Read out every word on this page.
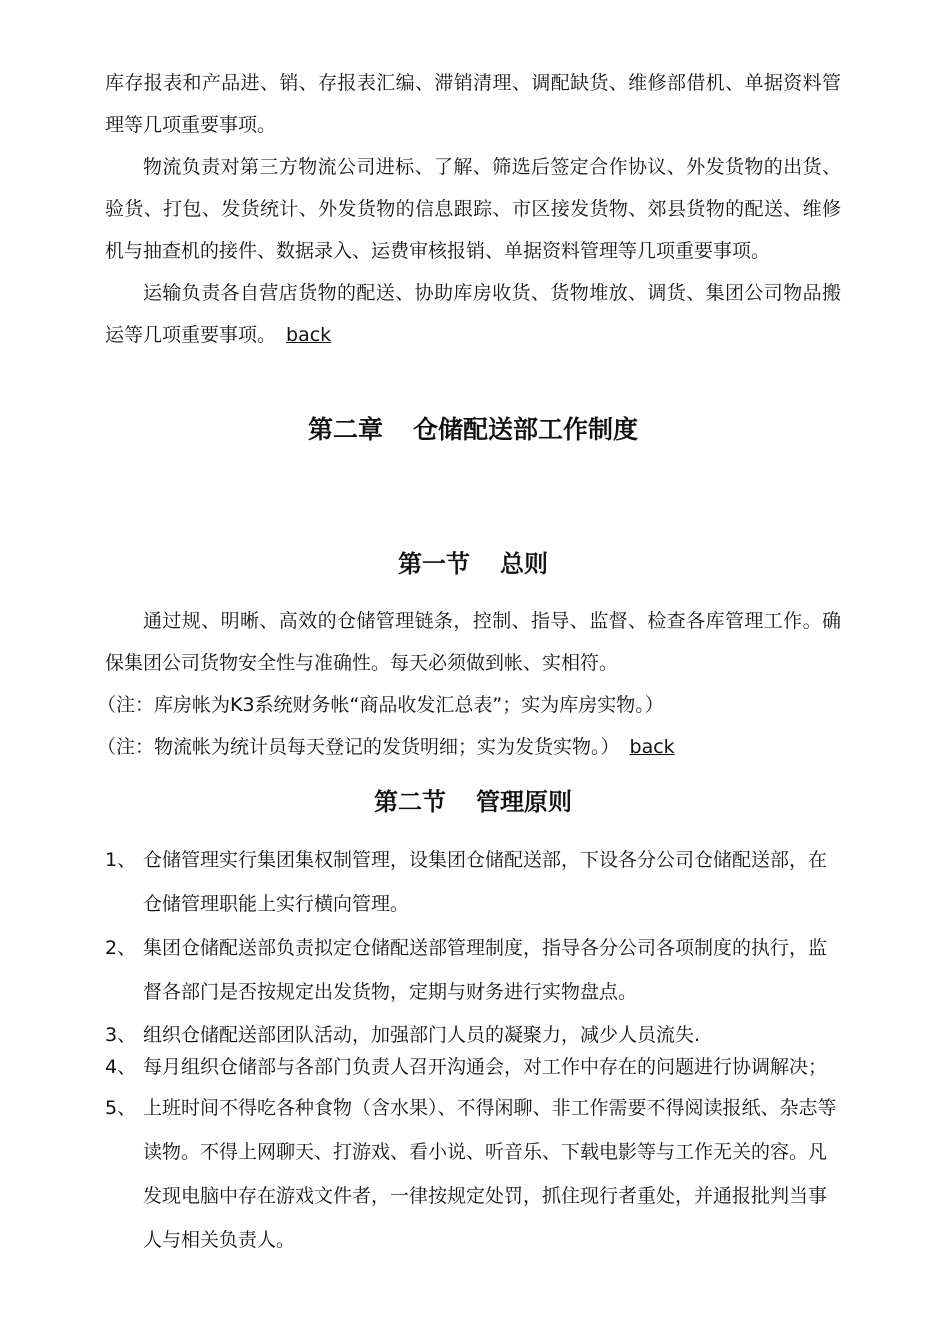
库存报表和产品进、销、存报表汇编、滞销清理、调配缺货、维修部借机、单据资料管理等几项重要事项。

物流负责对第三方物流公司进标、了解、筛选后签定合作协议、外发货物的出货、验货、打包、发货统计、外发货物的信息跟踪、市区接发货物、郊县货物的配送、维修机与抽查机的接件、数据录入、运费审核报销、单据资料管理等几项重要事项。

运输负责各自营店货物的配送、协助库房收货、货物堆放、调货、集团公司物品搬运等几项重要事项。 back

第二章 仓储配送部工作制度
第一节 总则

通过规、明晰、高效的仓储管理链条，控制、指导、监督、检查各库管理工作。确保集团公司货物安全性与准确性。每天必须做到帐、实相符。

（注：库房帐为K3系统财务帐“商品收发汇总表”；实为库房实物。）

（注：物流帐为统计员每天登记的发货明细；实为发货实物。） back

第二节 管理原则
1、 仓储管理实行集团集权制管理，设集团仓储配送部，下设各分公司仓储配送部，在仓储管理职能上实行横向管理。
2、 集团仓储配送部负责拟定仓储配送部管理制度，指导各分公司各项制度的执行，监督各部门是否按规定出发货物，定期与财务进行实物盘点。
3、 组织仓储配送部团队活动，加强部门人员的凝聚力，减少人员流失.
4、 每月组织仓储部与各部门负责人召开沟通会，对工作中存在的问题进行协调解决；
5、 上班时间不得吃各种食物（含水果）、不得闲聊、非工作需要不得阅读报纸、杂志等读物。不得上网聊天、打游戏、看小说、听音乐、下载电影等与工作无关的容。凡发现电脑中存在游戏文件者，一律按规定处罚，抓住现行者重处，并通报批判当事人与相关负责人。
